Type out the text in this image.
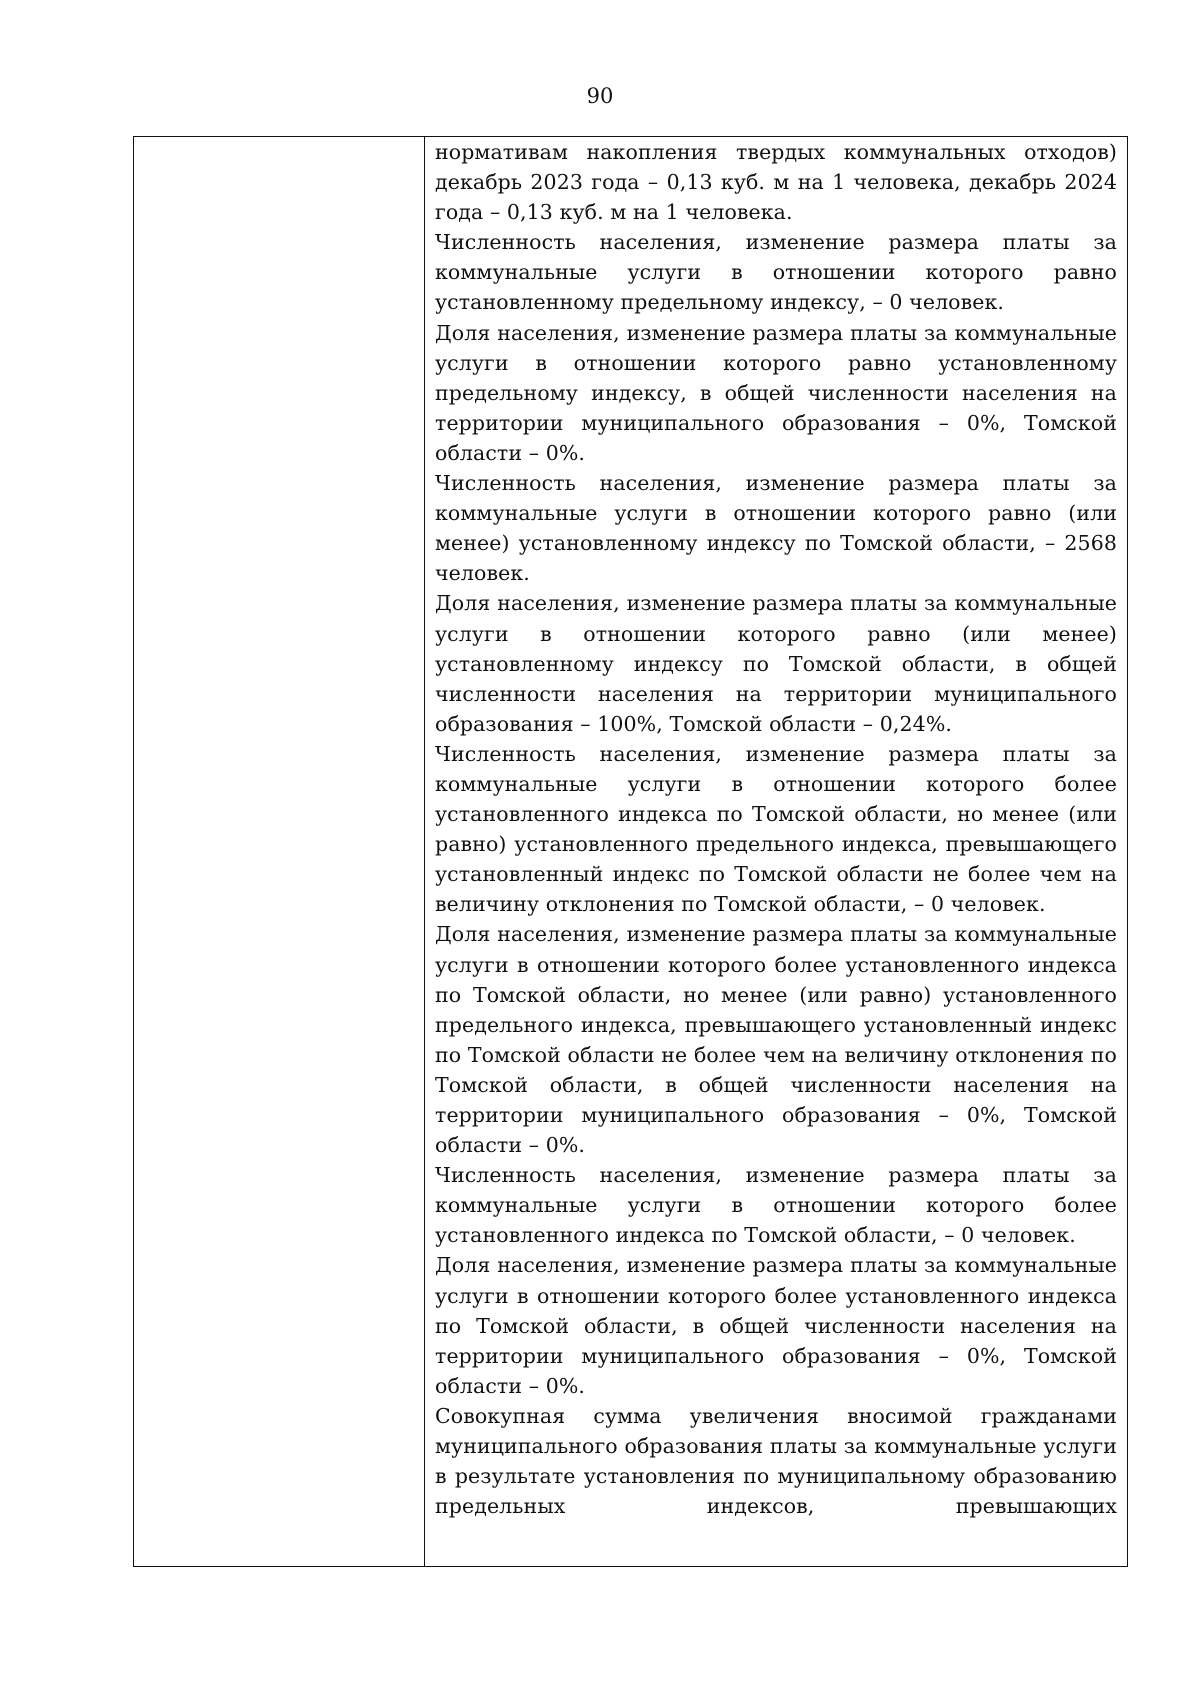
90

нормативам накопления твердых коммунальных отходов) декабрь 2023 года – 0,13 куб. м на 1 человека, декабрь 2024 года – 0,13 куб. м на 1 человека.

Численность населения, изменение размера платы за коммунальные услуги в отношении которого равно установленному предельному индексу, – 0 человек.

Доля населения, изменение размера платы за коммунальные услуги в отношении которого равно установленному предельному индексу, в общей численности населения на территории муниципального образования – 0%, Томской области – 0%.

Численность населения, изменение размера платы за коммунальные услуги в отношении которого равно (или менее) установленному индексу по Томской области, – 2568 человек.

Доля населения, изменение размера платы за коммунальные услуги в отношении которого равно (или менее) установленному индексу по Томской области, в общей численности населения на территории муниципального образования – 100%, Томской области – 0,24%.

Численность населения, изменение размера платы за коммунальные услуги в отношении которого более установленного индекса по Томской области, но менее (или равно) установленного предельного индекса, превышающего установленный индекс по Томской области не более чем на величину отклонения по Томской области, – 0 человек.

Доля населения, изменение размера платы за коммунальные услуги в отношении которого более установленного индекса по Томской области, но менее (или равно) установленного предельного индекса, превышающего установленный индекс по Томской области не более чем на величину отклонения по Томской области, в общей численности населения на территории муниципального образования – 0%, Томской области – 0%.

Численность населения, изменение размера платы за коммунальные услуги в отношении которого более установленного индекса по Томской области, – 0 человек.

Доля населения, изменение размера платы за коммунальные услуги в отношении которого более установленного индекса по Томской области, в общей численности населения на территории муниципального образования – 0%, Томской области – 0%.

Совокупная сумма увеличения вносимой гражданами муниципального образования платы за коммунальные услуги в результате установления по муниципальному образованию предельных индексов, превышающих
